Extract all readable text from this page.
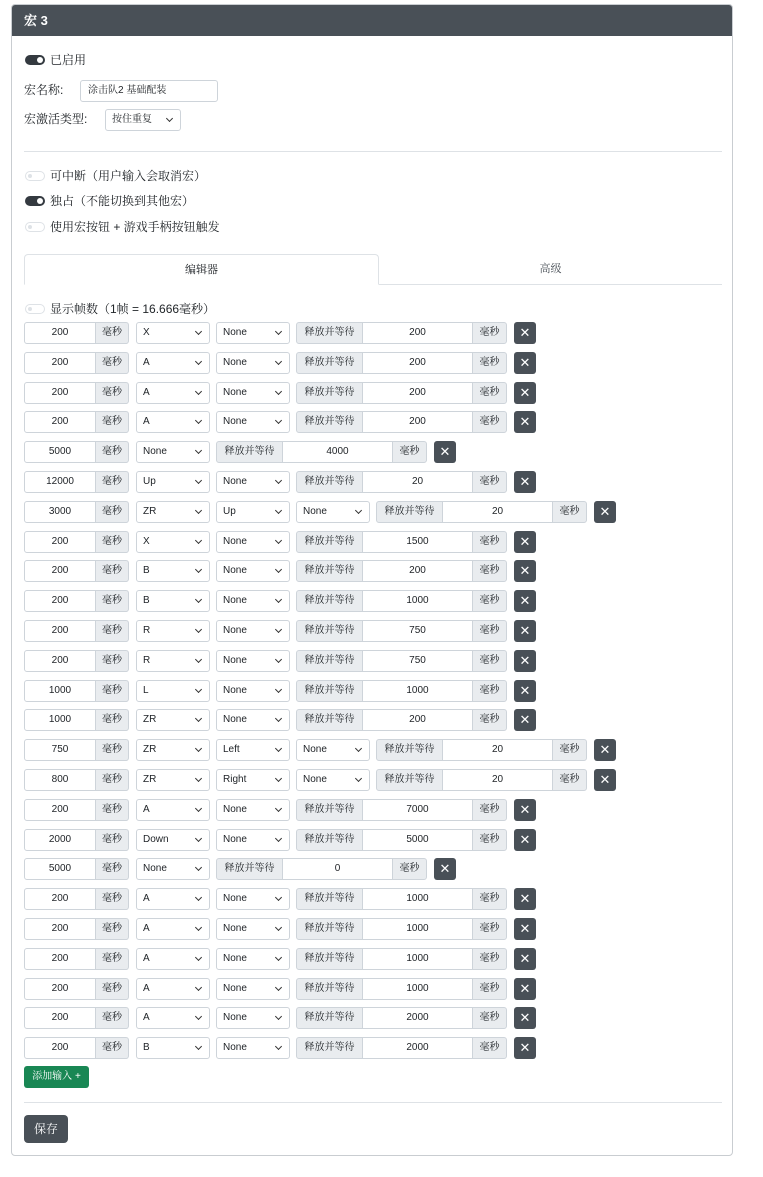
宏 3
已启用
宏名称:	涂击队2 基础配装
宏激活类型:	按住重复
可中断（用户输入会取消宏）
独占（不能切换到其他宏）
使用宏按钮 + 游戏手柄按钮触发
编辑器	高级
显示帧数（1帧 = 16.666毫秒）
200	毫秒	X	None	释放并等待	200	毫秒	✕
200	毫秒	A	None	释放并等待	200	毫秒	✕
200	毫秒	A	None	释放并等待	200	毫秒	✕
200	毫秒	A	None	释放并等待	200	毫秒	✕
5000	毫秒	None	释放并等待	4000	毫秒	✕
12000	毫秒	Up	None	释放并等待	20	毫秒	✕
3000	毫秒	ZR	Up	None	释放并等待	20	毫秒	✕
200	毫秒	X	None	释放并等待	1500	毫秒	✕
200	毫秒	B	None	释放并等待	200	毫秒	✕
200	毫秒	B	None	释放并等待	1000	毫秒	✕
200	毫秒	R	None	释放并等待	750	毫秒	✕
200	毫秒	R	None	释放并等待	750	毫秒	✕
1000	毫秒	L	None	释放并等待	1000	毫秒	✕
1000	毫秒	ZR	None	释放并等待	200	毫秒	✕
750	毫秒	ZR	Left	None	释放并等待	20	毫秒	✕
800	毫秒	ZR	Right	None	释放并等待	20	毫秒	✕
200	毫秒	A	None	释放并等待	7000	毫秒	✕
2000	毫秒	Down	None	释放并等待	5000	毫秒	✕
5000	毫秒	None	释放并等待	0	毫秒	✕
200	毫秒	A	None	释放并等待	1000	毫秒	✕
200	毫秒	A	None	释放并等待	1000	毫秒	✕
200	毫秒	A	None	释放并等待	1000	毫秒	✕
200	毫秒	A	None	释放并等待	1000	毫秒	✕
200	毫秒	A	None	释放并等待	2000	毫秒	✕
200	毫秒	B	None	释放并等待	2000	毫秒	✕
添加输入 +
保存
